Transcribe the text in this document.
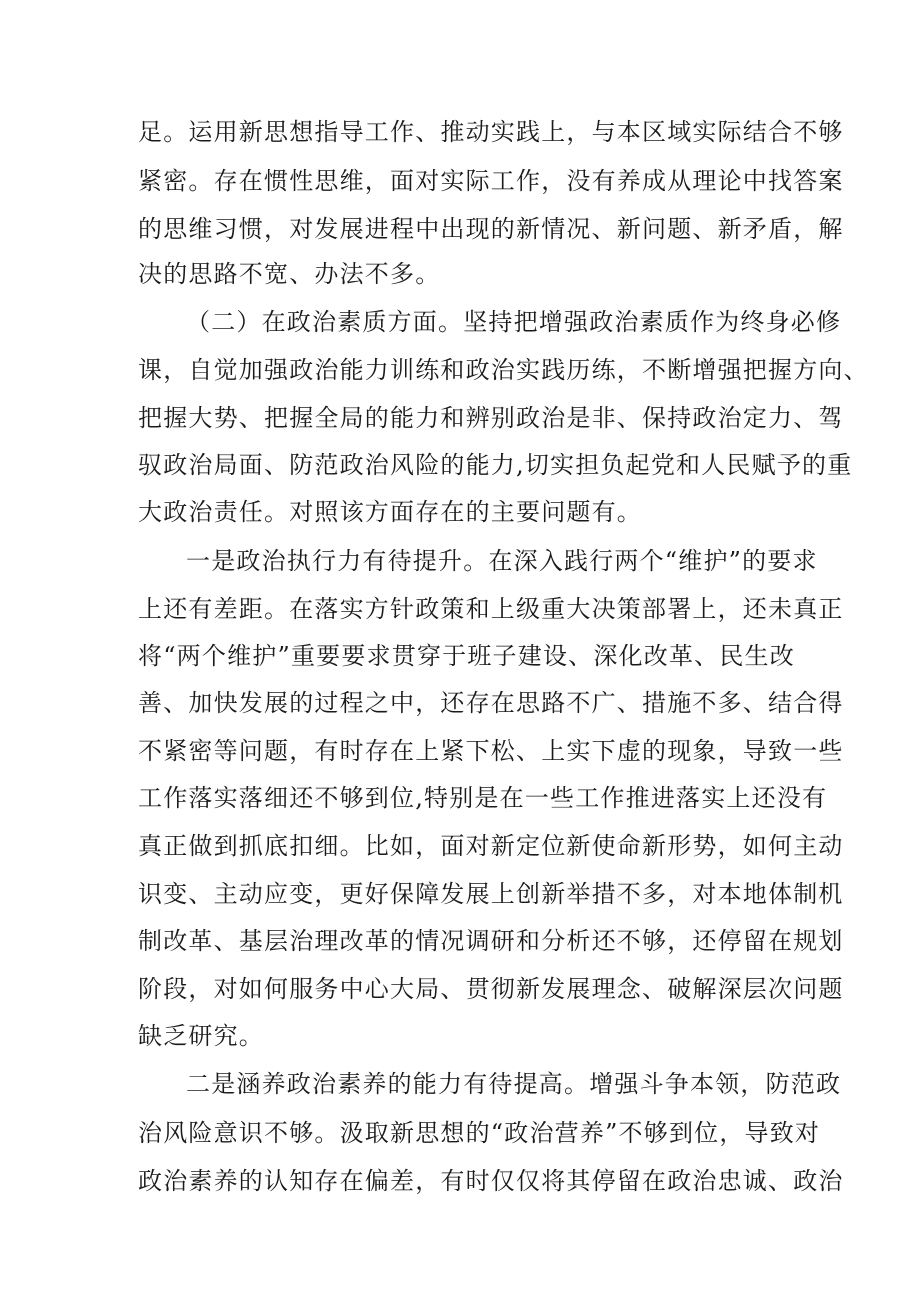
足。运用新思想指导工作、推动实践上，与本区域实际结合不够
紧密。存在惯性思维，面对实际工作，没有养成从理论中找答案
的思维习惯，对发展进程中出现的新情况、新问题、新矛盾，解
决的思路不宽、办法不多。
（二）在政治素质方面。坚持把增强政治素质作为终身必修
课，自觉加强政治能力训练和政治实践历练，不断增强把握方向、
把握大势、把握全局的能力和辨别政治是非、保持政治定力、驾
驭政治局面、防范政治风险的能力,切实担负起党和人民赋予的重
大政治责任。对照该方面存在的主要问题有。
一是政治执行力有待提升。在深入践行两个“维护”的要求
上还有差距。在落实方针政策和上级重大决策部署上，还未真正
将“两个维护”重要要求贯穿于班子建设、深化改革、民生改
善、加快发展的过程之中，还存在思路不广、措施不多、结合得
不紧密等问题，有时存在上紧下松、上实下虚的现象，导致一些
工作落实落细还不够到位,特别是在一些工作推进落实上还没有
真正做到抓底扣细。比如，面对新定位新使命新形势，如何主动
识变、主动应变，更好保障发展上创新举措不多，对本地体制机
制改革、基层治理改革的情况调研和分析还不够，还停留在规划
阶段，对如何服务中心大局、贯彻新发展理念、破解深层次问题
缺乏研究。
二是涵养政治素养的能力有待提高。增强斗争本领，防范政
治风险意识不够。汲取新思想的“政治营养”不够到位，导致对
政治素养的认知存在偏差，有时仅仅将其停留在政治忠诚、政治
